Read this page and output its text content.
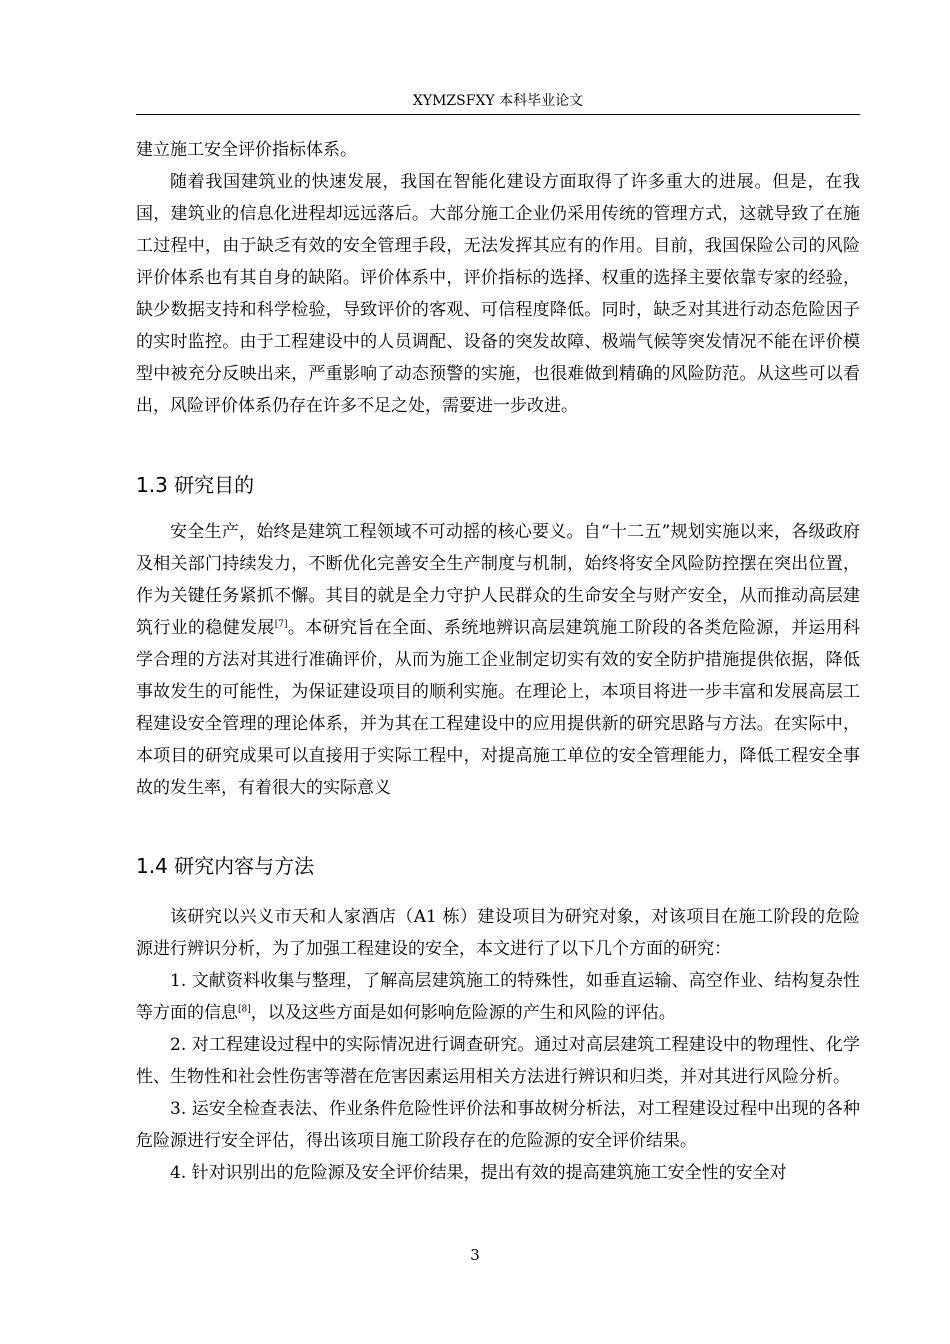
XYMZSFXY 本科毕业论文

建立施工安全评价指标体系。

随着我国建筑业的快速发展，我国在智能化建设方面取得了许多重大的进展。但是，在我国，建筑业的信息化进程却远远落后。大部分施工企业仍采用传统的管理方式，这就导致了在施工过程中，由于缺乏有效的安全管理手段，无法发挥其应有的作用。目前，我国保险公司的风险评价体系也有其自身的缺陷。评价体系中，评价指标的选择、权重的选择主要依靠专家的经验，缺少数据支持和科学检验，导致评价的客观、可信程度降低。同时，缺乏对其进行动态危险因子的实时监控。由于工程建设中的人员调配、设备的突发故障、极端气候等突发情况不能在评价模型中被充分反映出来，严重影响了动态预警的实施，也很难做到精确的风险防范。从这些可以看出，风险评价体系仍存在许多不足之处，需要进一步改进。

1.3 研究目的

安全生产，始终是建筑工程领域不可动摇的核心要义。自“十二五”规划实施以来，各级政府及相关部门持续发力，不断优化完善安全生产制度与机制，始终将安全风险防控摆在突出位置，作为关键任务紧抓不懈。其目的就是全力守护人民群众的生命安全与财产安全，从而推动高层建筑行业的稳健发展[7]。本研究旨在全面、系统地辨识高层建筑施工阶段的各类危险源，并运用科学合理的方法对其进行准确评价，从而为施工企业制定切实有效的安全防护措施提供依据，降低事故发生的可能性，为保证建设项目的顺利实施。在理论上，本项目将进一步丰富和发展高层工程建设安全管理的理论体系，并为其在工程建设中的应用提供新的研究思路与方法。在实际中，本项目的研究成果可以直接用于实际工程中，对提高施工单位的安全管理能力，降低工程安全事故的发生率，有着很大的实际意义

1.4 研究内容与方法

该研究以兴义市天和人家酒店（A1 栋）建设项目为研究对象，对该项目在施工阶段的危险源进行辨识分析，为了加强工程建设的安全，本文进行了以下几个方面的研究：

1. 文献资料收集与整理，了解高层建筑施工的特殊性，如垂直运输、高空作业、结构复杂性等方面的信息[8]，以及这些方面是如何影响危险源的产生和风险的评估。

2. 对工程建设过程中的实际情况进行调查研究。通过对高层建筑工程建设中的物理性、化学性、生物性和社会性伤害等潜在危害因素运用相关方法进行辨识和归类，并对其进行风险分析。

3. 运安全检查表法、作业条件危险性评价法和事故树分析法，对工程建设过程中出现的各种危险源进行安全评估，得出该项目施工阶段存在的危险源的安全评价结果。

4. 针对识别出的危险源及安全评价结果，提出有效的提高建筑施工安全性的安全对

3
